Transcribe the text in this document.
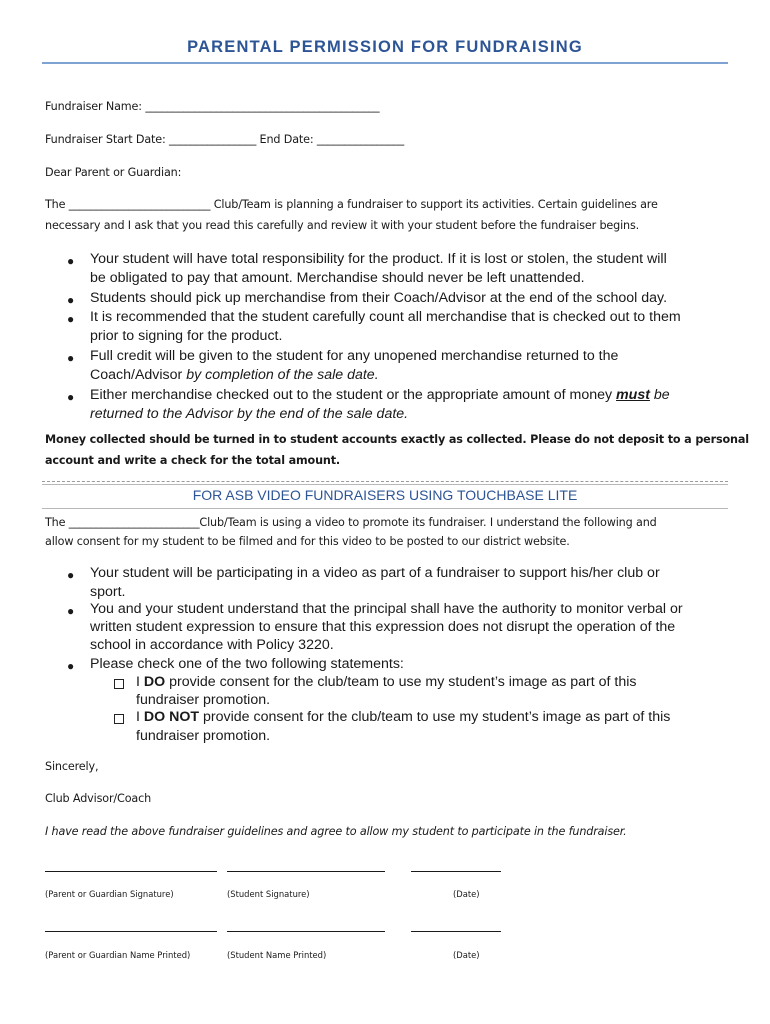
PARENTAL PERMISSION FOR FUNDRAISING
Fundraiser Name: ___________________________________________
Fundraiser Start Date: ________________ End Date: ________________
Dear Parent or Guardian:
The __________________________ Club/Team is planning a fundraiser to support its activities. Certain guidelines are
necessary and I ask that you read this carefully and review it with your student before the fundraiser begins.
● Your student will have total responsibility for the product. If it is lost or stolen, the student will
be obligated to pay that amount. Merchandise should never be left unattended.
● Students should pick up merchandise from their Coach/Advisor at the end of the school day.
● It is recommended that the student carefully count all merchandise that is checked out to them
prior to signing for the product.
● Full credit will be given to the student for any unopened merchandise returned to the
Coach/Advisor by completion of the sale date.
● Either merchandise checked out to the student or the appropriate amount of money must be
returned to the Advisor by the end of the sale date.
Money collected should be turned in to student accounts exactly as collected. Please do not deposit to a personal
account and write a check for the total amount.
FOR ASB VIDEO FUNDRAISERS USING TOUCHBASE LITE
The ________________________Club/Team is using a video to promote its fundraiser. I understand the following and
allow consent for my student to be filmed and for this video to be posted to our district website.
● Your student will be participating in a video as part of a fundraiser to support his/her club or
sport.
● You and your student understand that the principal shall have the authority to monitor verbal or
written student expression to ensure that this expression does not disrupt the operation of the
school in accordance with Policy 3220.
● Please check one of the two following statements:
I DO provide consent for the club/team to use my student’s image as part of this
fundraiser promotion.
I DO NOT provide consent for the club/team to use my student’s image as part of this
fundraiser promotion.
Sincerely,
Club Advisor/Coach
I have read the above fundraiser guidelines and agree to allow my student to participate in the fundraiser.
(Parent or Guardian Signature)	(Student Signature)	(Date)
(Parent or Guardian Name Printed)	(Student Name Printed)	(Date)
